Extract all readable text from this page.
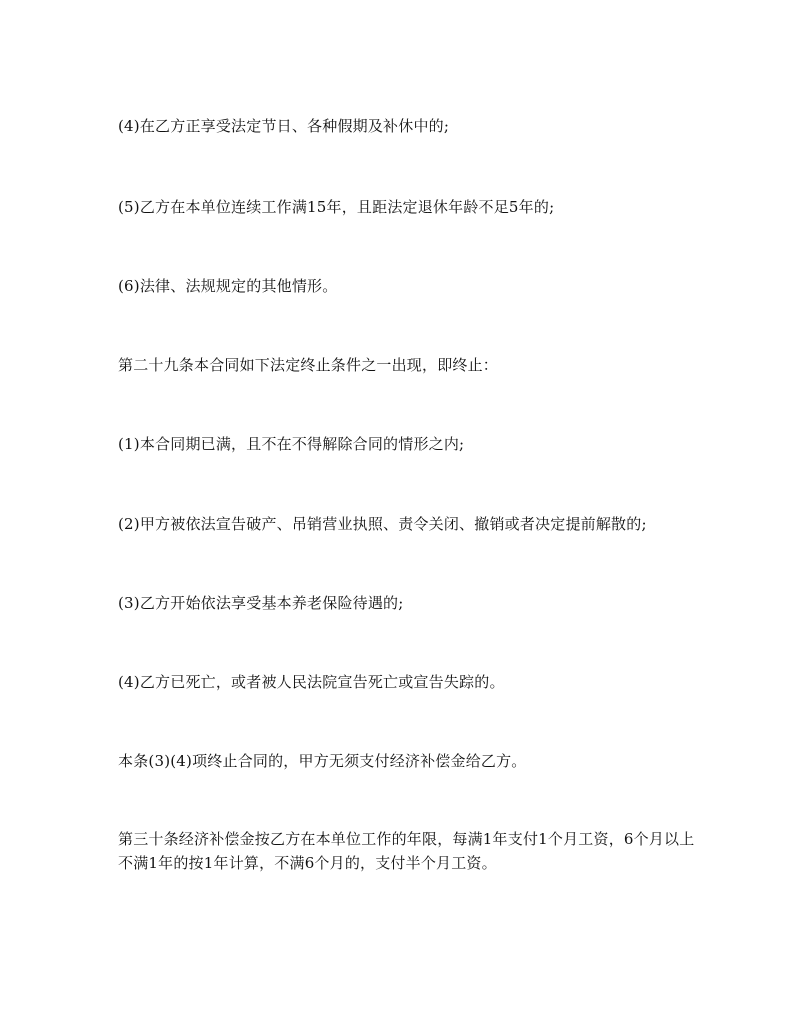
(4)在乙方正享受法定节日、各种假期及补休中的;
(5)乙方在本单位连续工作满15年，且距法定退休年龄不足5年的;
(6)法律、法规规定的其他情形。
第二十九条本合同如下法定终止条件之一出现，即终止：
(1)本合同期已满，且不在不得解除合同的情形之内;
(2)甲方被依法宣告破产、吊销营业执照、责令关闭、撤销或者决定提前解散的;
(3)乙方开始依法享受基本养老保险待遇的;
(4)乙方已死亡，或者被人民法院宣告死亡或宣告失踪的。
本条(3)(4)项终止合同的，甲方无须支付经济补偿金给乙方。
第三十条经济补偿金按乙方在本单位工作的年限，每满1年支付1个月工资，6个月以上不满1年的按1年计算，不满6个月的，支付半个月工资。
